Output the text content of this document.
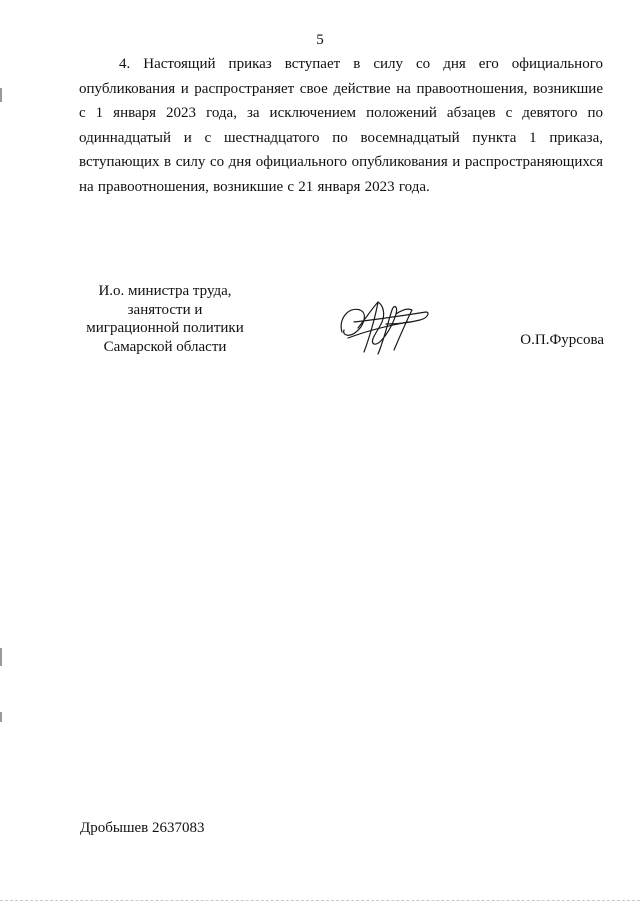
5

4. Настоящий приказ вступает в силу со дня его официального опубликования и распространяет свое действие на правоотношения, возникшие с 1 января 2023 года, за исключением положений абзацев с девятого по одиннадцатый и с шестнадцатого по восемнадцатый пункта 1 приказа, вступающих в силу со дня официального опубликования и распространяющихся на правоотношения, возникшие с 21 января 2023 года.

И.о. министра труда,
занятости и
миграционной политики
Самарской области	О.П.Фурсова
Дробышев 2637083
